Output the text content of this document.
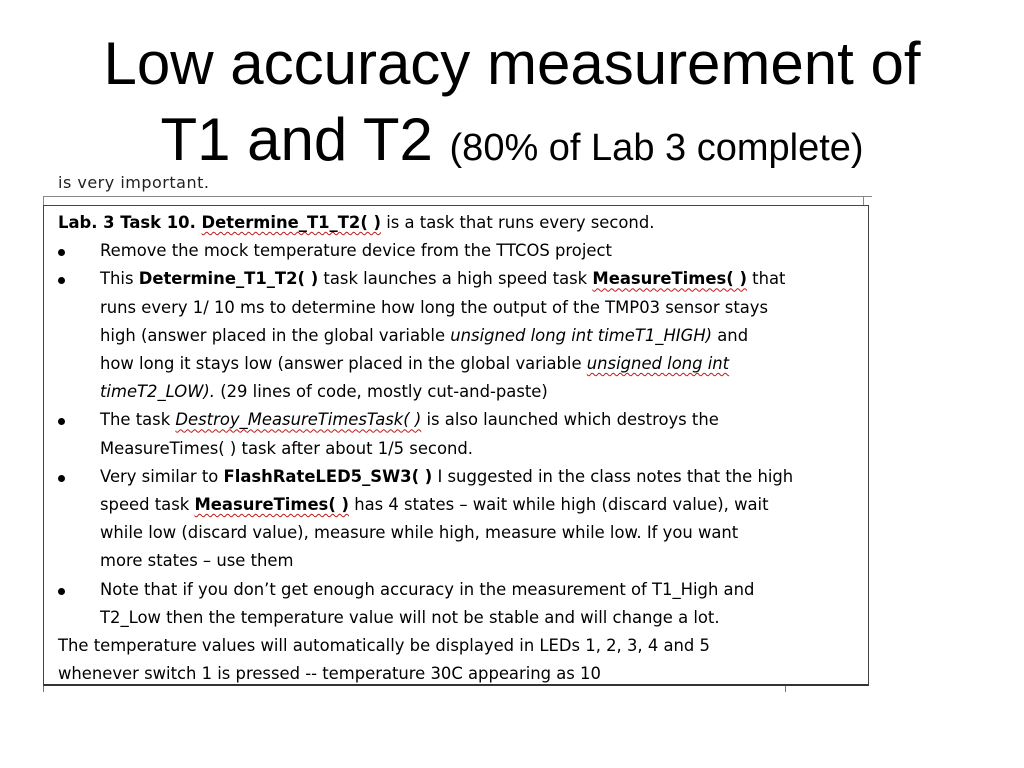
Low accuracy measurement of
T1 and T2 (80% of Lab 3 complete)
is very important.
Lab. 3 Task 10. Determine_T1_T2( ) is a task that runs every second.
Remove the mock temperature device from the TTCOS project
This Determine_T1_T2( ) task launches a high speed task MeasureTimes( ) that
runs every 1/ 10 ms to determine how long the output of the TMP03 sensor stays
high (answer placed in the global variable unsigned long int timeT1_HIGH) and
how long it stays low (answer placed in the global variable unsigned long int
timeT2_LOW). (29 lines of code, mostly cut-and-paste)
The task Destroy_MeasureTimesTask( ) is also launched which destroys the
MeasureTimes( ) task after about 1/5 second.
Very similar to FlashRateLED5_SW3( ) I suggested in the class notes that the high
speed task MeasureTimes( ) has 4 states – wait while high (discard value), wait
while low (discard value), measure while high, measure while low. If you want
more states – use them
Note that if you don’t get enough accuracy in the measurement of T1_High and
T2_Low then the temperature value will not be stable and will change a lot.
The temperature values will automatically be displayed in LEDs 1, 2, 3, 4 and 5
whenever switch 1 is pressed -- temperature 30C appearing as 10
